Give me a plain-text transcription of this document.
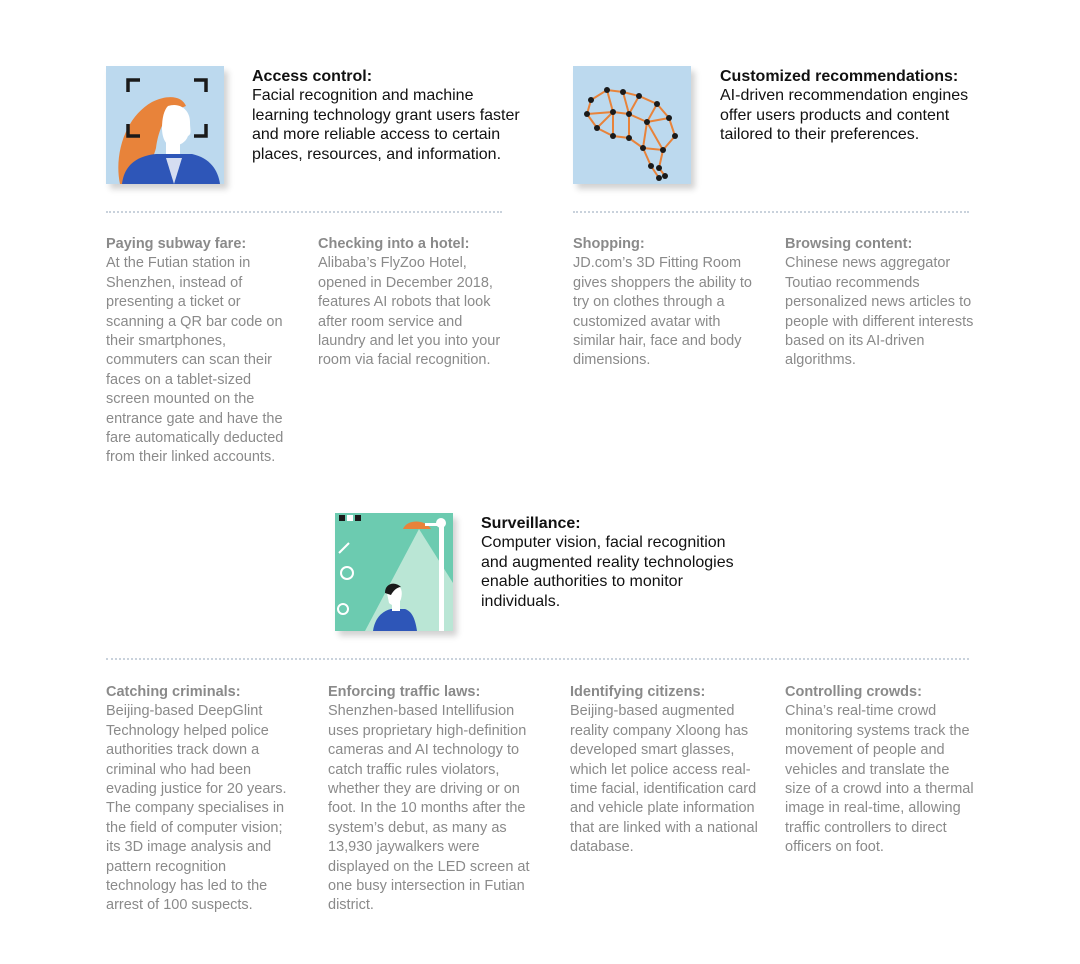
Access control:

Facial recognition and machine learning technology grant users faster and more reliable access to certain places, resources, and information.

Customized recommendations:

AI-driven recommendation engines offer users products and content tailored to their preferences.

Paying subway fare:

At the Futian station in Shenzhen, instead of presenting a ticket or scanning a QR bar code on their smartphones, commuters can scan their faces on a tablet-sized screen mounted on the entrance gate and have the fare automatically deducted from their linked accounts.

Checking into a hotel:

Alibaba’s FlyZoo Hotel, opened in December 2018, features AI robots that look after room service and laundry and let you into your room via facial recognition.

Shopping:

JD.com’s 3D Fitting Room gives shoppers the ability to try on clothes through a customized avatar with similar hair, face and body dimensions.

Browsing content:

Chinese news aggregator Toutiao recommends personalized news articles to people with different interests based on its AI-driven algorithms.

Surveillance:

Computer vision, facial recognition and augmented reality technologies enable authorities to monitor individuals.

Catching criminals:

Beijing-based DeepGlint Technology helped police authorities track down a criminal who had been evading justice for 20 years. The company specialises in the field of computer vision; its 3D image analysis and pattern recognition technology has led to the arrest of 100 suspects.

Enforcing traffic laws:

Shenzhen-based Intellifusion uses proprietary high-definition cameras and AI technology to catch traffic rules violators, whether they are driving or on foot. In the 10 months after the system’s debut, as many as 13,930 jaywalkers were displayed on the LED screen at one busy intersection in Futian district.

Identifying citizens:

Beijing-based augmented reality company Xloong has developed smart glasses, which let police access real-time facial, identification card and vehicle plate information that are linked with a national database.

Controlling crowds:

China’s real-time crowd monitoring systems track the movement of people and vehicles and translate the size of a crowd into a thermal image in real-time, allowing traffic controllers to direct officers on foot.
